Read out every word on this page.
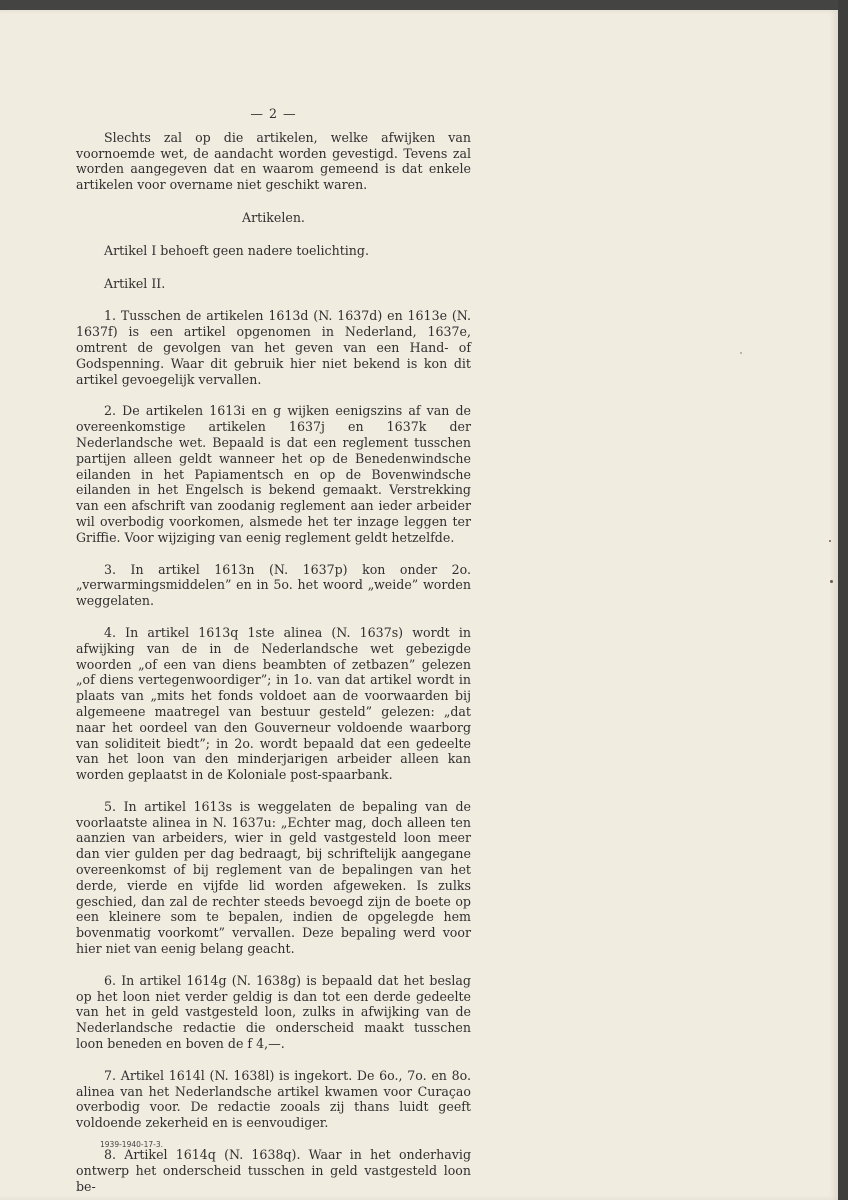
— 2 —

Slechts zal op die artikelen, welke afwijken van voornoemde wet, de aandacht worden gevestigd. Tevens zal worden aangegeven dat en waarom gemeend is dat enkele artikelen voor overname niet geschikt waren.

Artikelen.

Artikel I behoeft geen nadere toelichting.

Artikel II.

1. Tusschen de artikelen 1613d (N. 1637d) en 1613e (N. 1637f) is een artikel opgenomen in Nederland, 1637e, omtrent de gevolgen van het geven van een Hand- of Godspenning. Waar dit gebruik hier niet bekend is kon dit artikel gevoegelijk vervallen.

2. De artikelen 1613i en g wijken eenigszins af van de overeenkomstige artikelen 1637j en 1637k der Nederlandsche wet. Bepaald is dat een reglement tusschen partijen alleen geldt wanneer het op de Benedenwindsche eilanden in het Papiamentsch en op de Bovenwindsche eilanden in het Engelsch is bekend gemaakt. Verstrekking van een afschrift van zoodanig reglement aan ieder arbeider wil overbodig voorkomen, alsmede het ter inzage leggen ter Griffie. Voor wijziging van eenig reglement geldt hetzelfde.

3. In artikel 1613n (N. 1637p) kon onder 2o. „verwarmingsmiddelen” en in 5o. het woord „weide” worden weggelaten.

4. In artikel 1613q 1ste alinea (N. 1637s) wordt in afwijking van de in de Nederlandsche wet gebezigde woorden „of een van diens beambten of zetbazen” gelezen „of diens vertegenwoordiger”; in 1o. van dat artikel wordt in plaats van „mits het fonds voldoet aan de voorwaarden bij algemeene maatregel van bestuur gesteld” gelezen: „dat naar het oordeel van den Gouverneur voldoende waarborg van soliditeit biedt”; in 2o. wordt bepaald dat een gedeelte van het loon van den minderjarigen arbeider alleen kan worden geplaatst in de Koloniale post-spaarbank.

5. In artikel 1613s is weggelaten de bepaling van de voorlaatste alinea in N. 1637u: „Echter mag, doch alleen ten aanzien van arbeiders, wier in geld vastgesteld loon meer dan vier gulden per dag bedraagt, bij schriftelijk aangegane overeenkomst of bij reglement van de bepalingen van het derde, vierde en vijfde lid worden afgeweken. Is zulks geschied, dan zal de rechter steeds bevoegd zijn de boete op een kleinere som te bepalen, indien de opgelegde hem bovenmatig voorkomt” vervallen. Deze bepaling werd voor hier niet van eenig belang geacht.

6. In artikel 1614g (N. 1638g) is bepaald dat het beslag op het loon niet verder geldig is dan tot een derde gedeelte van het in geld vastgesteld loon, zulks in afwijking van de Nederlandsche redactie die onderscheid maakt tusschen loon beneden en boven de f 4,—.

7. Artikel 1614l (N. 1638l) is ingekort. De 6o., 7o. en 8o. alinea van het Nederlandsche artikel kwamen voor Curaçao overbodig voor. De redactie zooals zij thans luidt geeft voldoende zekerheid en is eenvoudiger.

8. Artikel 1614q (N. 1638q). Waar in het onderhavig ontwerp het onderscheid tusschen in geld vastgesteld loon be-

1939-1940-17-3.
